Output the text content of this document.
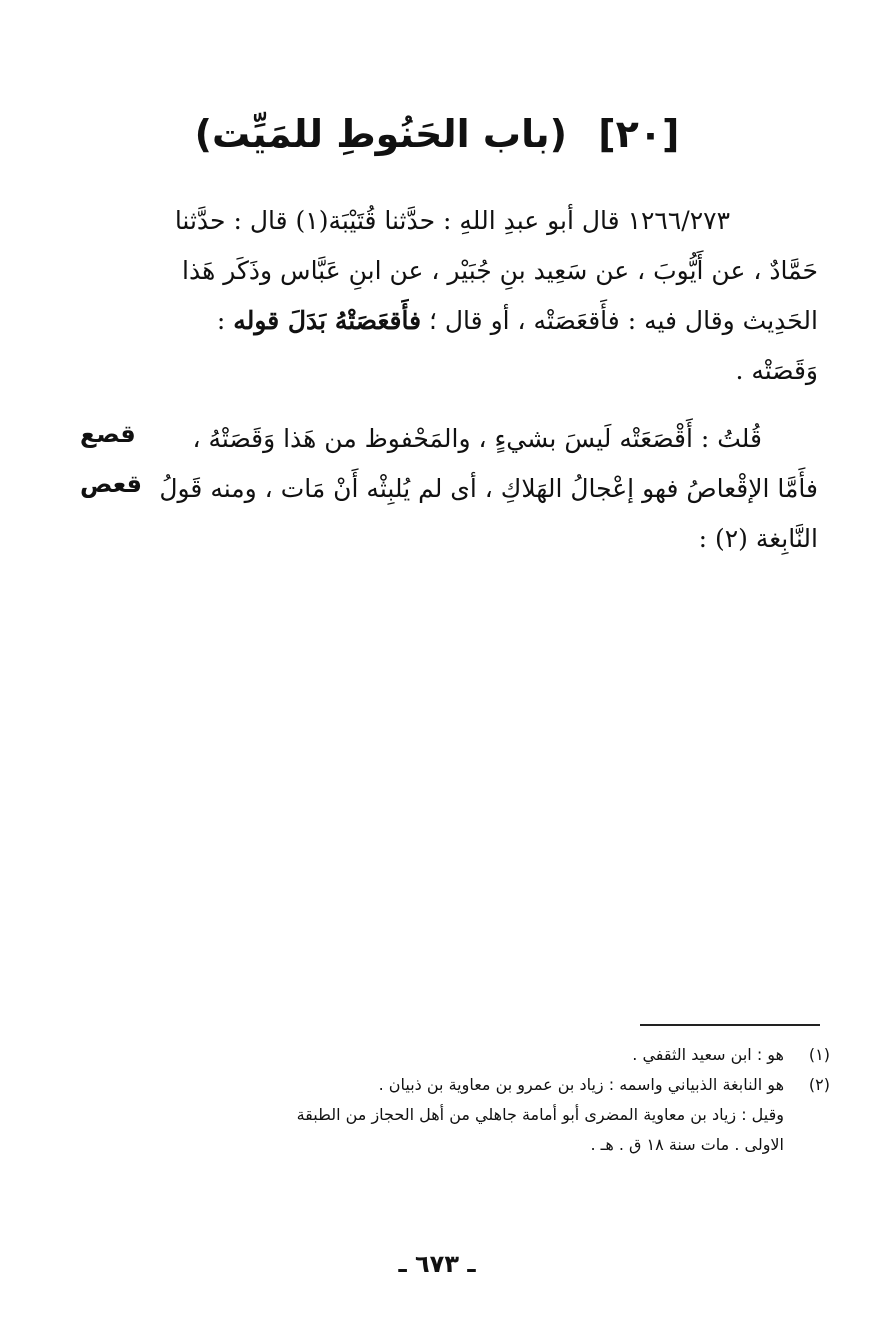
[٢٠] (باب الحَنُوطِ للمَيِّت)

١٢٦٦/٢٧٣ قال أبو عبدِ اللهِ : حدَّثنا قُتَيْبَة(١) قال : حدَّثنا

حَمَّادٌ ، عن أَيُّوبَ ، عن سَعِيد بنِ جُبَيْر ، عن ابنِ عَبَّاس وذَكَر هَذا

الحَدِيث وقال فيه : فأَقعَصَتْه ، أو قال ؛ فأَقعَصَتْهُ بَدَلَ قوله :

وَقَصَتْه .

قُلتُ : أَقْصَعَتْه لَيسَ بشيءٍ ، والمَحْفوظ من هَذا وَقَصَتْهُ ،

فأَمَّا الإقْعاصُ فهو إعْجالُ الهَلاكِ ، أى لم يُلبِثْه أَنْ مَات ، ومنه قَولُ

النَّابِغة (٢) :

قصع
قعص
(١)
هو : ابن سعيد الثقفي .
(٢)
هو النابغة الذبياني واسمه : زياد بن عمرو بن معاوية بن ذبيان .
وقيل : زياد بن معاوية المضرى أبو أمامة جاهلي من أهل الحجاز من الطبقة
الاولى . مات سنة ١٨ ق . هـ .
ـ ٦٧٣ ـ
